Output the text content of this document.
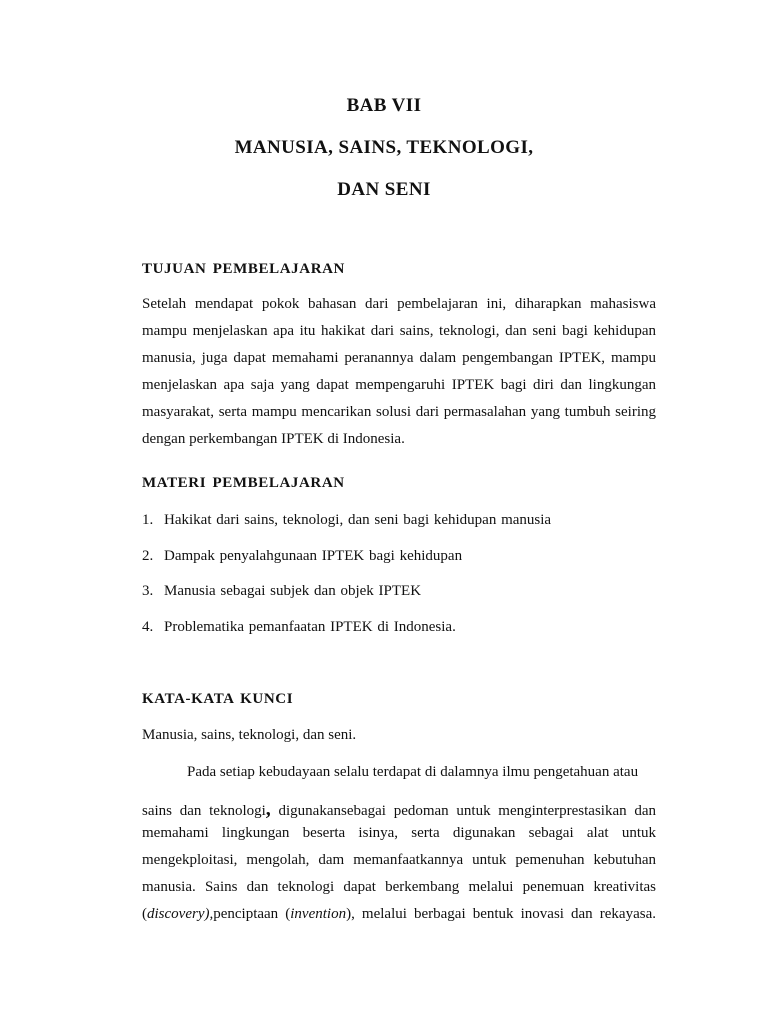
BAB VII
MANUSIA, SAINS, TEKNOLOGI,
DAN SENI
TUJUAN PEMBELAJARAN
Setelah mendapat pokok bahasan dari pembelajaran ini, diharapkan mahasiswa mampu menjelaskan apa itu hakikat dari sains, teknologi, dan seni bagi kehidupan manusia, juga dapat memahami peranannya dalam pengembangan IPTEK, mampu menjelaskan apa saja yang dapat mempengaruhi IPTEK bagi diri dan lingkungan masyarakat, serta mampu mencarikan solusi dari permasalahan yang tumbuh seiring dengan perkembangan IPTEK di Indonesia.
MATERI PEMBELAJARAN
1. Hakikat dari sains, teknologi, dan seni bagi kehidupan manusia
2. Dampak penyalahgunaan IPTEK bagi kehidupan
3. Manusia sebagai subjek dan objek IPTEK
4. Problematika pemanfaatan IPTEK di Indonesia.
KATA-KATA KUNCI
Manusia, sains, teknologi, dan seni.
Pada setiap kebudayaan selalu terdapat di dalamnya ilmu pengetahuan atau
sains dan teknologi, digunakansebagai pedoman untuk menginterprestasikan dan
memahami lingkungan beserta isinya, serta digunakan sebagai alat untuk
mengekploitasi, mengolah, dam memanfaatkannya untuk pemenuhan kebutuhan
manusia. Sains dan teknologi dapat berkembang melalui penemuan kreativitas
(discovery),penciptaan (invention), melalui berbagai bentuk inovasi dan rekayasa.
